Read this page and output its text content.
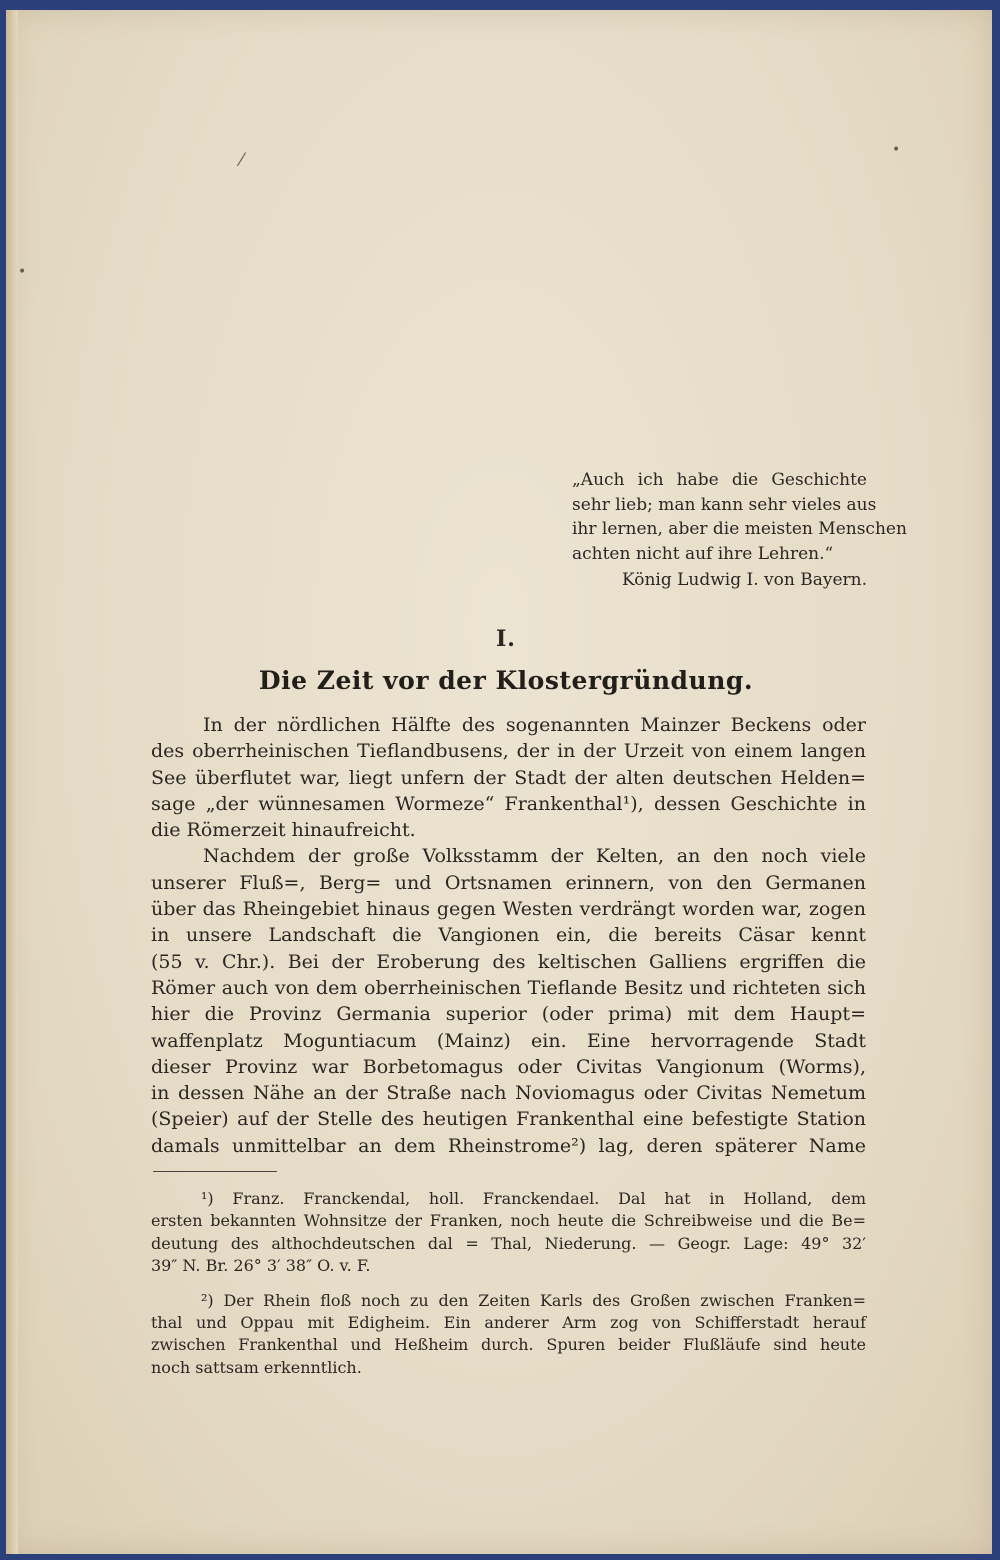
⁄	•
•
„Auch ich habe die Geschichte
sehr lieb; man kann sehr vieles aus
ihr lernen, aber die meisten Menschen
achten nicht auf ihre Lehren.“
König Ludwig I. von Bayern.
I.
Die Zeit vor der Klostergründung.
In der nördlichen Hälfte des sogenannten Mainzer Beckens oder
des oberrheinischen Tieflandbusens, der in der Urzeit von einem langen
See überflutet war, liegt unfern der Stadt der alten deutschen Helden=
sage „der wünnesamen Wormeze“ Frankenthal¹), dessen Geschichte in
die Römerzeit hinaufreicht.
Nachdem der große Volksstamm der Kelten, an den noch viele
unserer Fluß=, Berg= und Ortsnamen erinnern, von den Germanen
über das Rheingebiet hinaus gegen Westen verdrängt worden war, zogen
in unsere Landschaft die Vangionen ein, die bereits Cäsar kennt
(55 v. Chr.). Bei der Eroberung des keltischen Galliens ergriffen die
Römer auch von dem oberrheinischen Tieflande Besitz und richteten sich
hier die Provinz Germania superior (oder prima) mit dem Haupt=
waffenplatz Moguntiacum (Mainz) ein. Eine hervorragende Stadt
dieser Provinz war Borbetomagus oder Civitas Vangionum (Worms),
in dessen Nähe an der Straße nach Noviomagus oder Civitas Nemetum
(Speier) auf der Stelle des heutigen Frankenthal eine befestigte Station
damals unmittelbar an dem Rheinstrome²) lag, deren späterer Name
¹) Franz. Franckendal, holl. Franckendael. Dal hat in Holland, dem
ersten bekannten Wohnsitze der Franken, noch heute die Schreibweise und die Be=
deutung des althochdeutschen dal = Thal, Niederung. — Geogr. Lage: 49° 32′
39″ N. Br. 26° 3′ 38″ O. v. F.
²) Der Rhein floß noch zu den Zeiten Karls des Großen zwischen Franken=
thal und Oppau mit Edigheim. Ein anderer Arm zog von Schifferstadt herauf
zwischen Frankenthal und Heßheim durch. Spuren beider Flußläufe sind heute
noch sattsam erkenntlich.
